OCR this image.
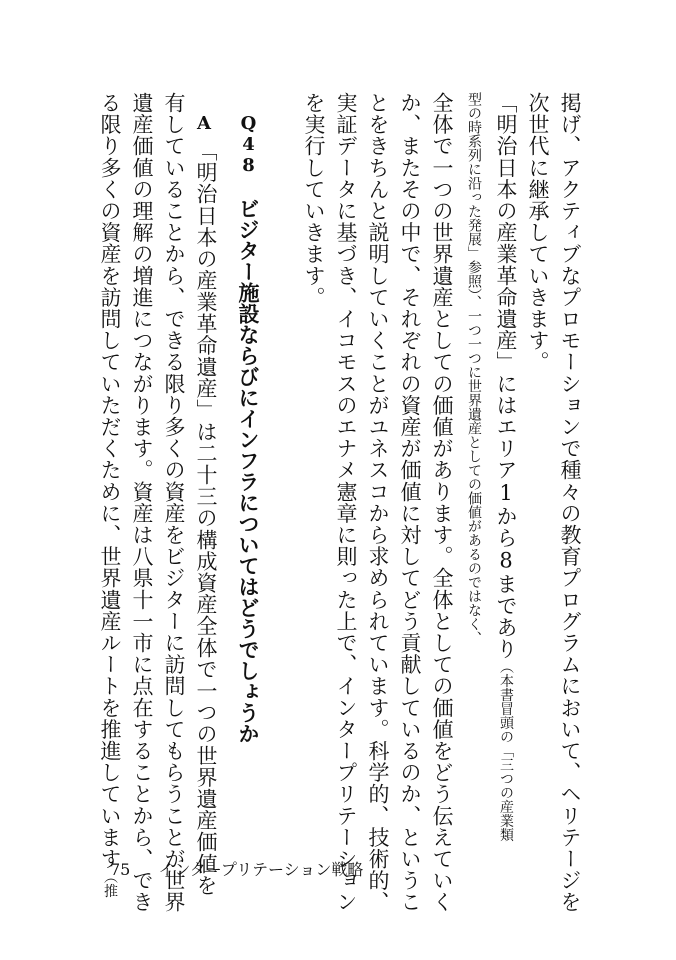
掲げ、アクティブなプロモーションで種々の教育プログラムにおいて、ヘリテージを
次世代に継承していきます。
「明治日本の産業革命遺産」にはエリア1から8まであり（本書冒頭の「三つの産業類
型の時系列に沿った発展」参照）、一つ一つに世界遺産としての価値があるのではなく、
全体で一つの世界遺産としての価値があります。全体としての価値をどう伝えていく
か、またその中で、それぞれの資産が価値に対してどう貢献しているのか、というこ
とをきちんと説明していくことがユネスコから求められています。科学的、技術的、
実証データに基づき、イコモスのエナメ憲章に則った上で、インタープリテーション
を実行していきます。
Q48ビジター施設ならびにインフラについてはどうでしょうか
A
「明治日本の産業革命遺産」は二十三の構成資産全体で一つの世界遺産価値を
有していることから、できる限り多くの資産をビジターに訪問してもらうことが世界
遺産価値の理解の増進につながります。資産は八県十一市に点在することから、でき
る限り多くの資産を訪問していただくために、世界遺産ルートを推進しています（推
75 インタープリテーション戦略
